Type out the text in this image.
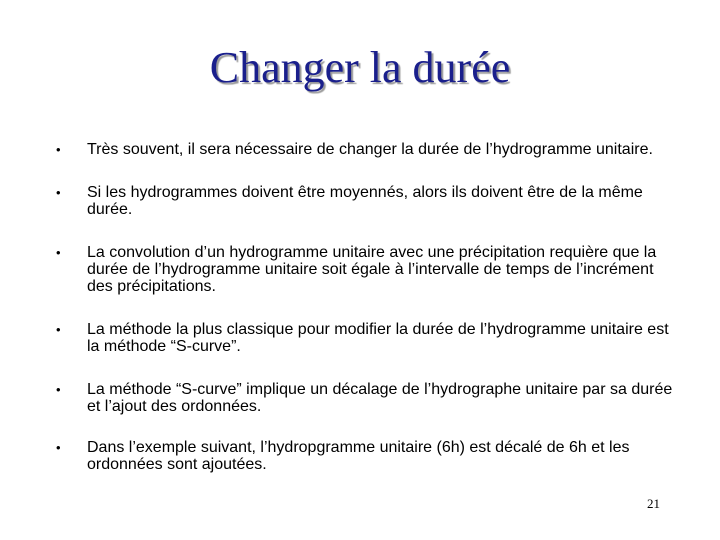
Changer la durée
• Très souvent, il sera nécessaire de changer la durée de l’hydrogramme unitaire.
• Si les hydrogrammes doivent être moyennés, alors ils doivent être de la même durée.
• La convolution d’un hydrogramme unitaire avec une précipitation requière que la durée de l’hydrogramme unitaire soit égale à l’intervalle de temps de l’incrément des précipitations.
• La méthode la plus classique pour modifier la durée de l’hydrogramme unitaire est la méthode “S-curve”.
• La méthode “S-curve” implique un décalage de l’hydrographe unitaire par sa durée et l’ajout des ordonnées.
• Dans l’exemple suivant, l’hydropgramme unitaire (6h) est décalé de 6h et les ordonnées sont ajoutées.
21
